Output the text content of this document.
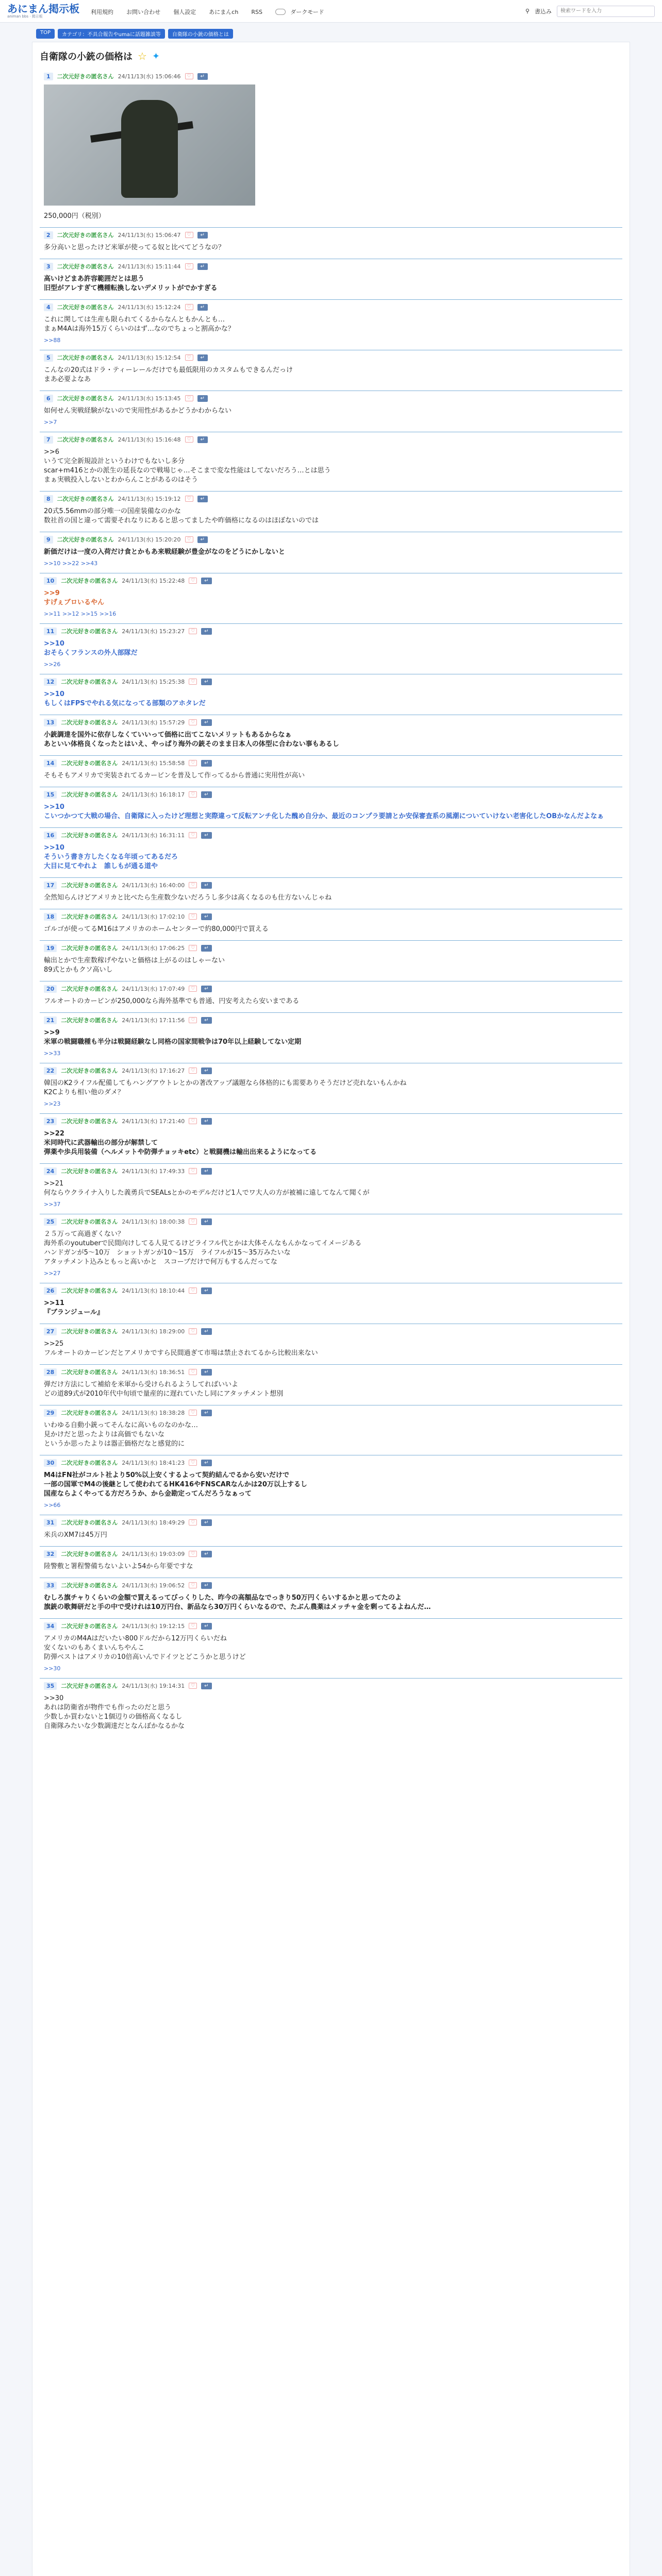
あにまん掲示板
animan bbs · 掲示板
利用規約 お問い合わせ 個人設定 あにまんch RSS	ダークモード	⚲ 書込み
検索ワードを入力
TOP	カテゴリ：不具合報告やumaに話題雑談等	自衛隊の小銃の価格とは
自衛隊の小銃の価格は ☆ ✦
1	二次元好きの匿名さん 24/11/13(水) 15:06:46	♡	↵
250,000円（税別）
2	二次元好きの匿名さん 24/11/13(水) 15:06:47	♡	↵
多分高いと思ったけど米軍が使ってる奴と比べてどうなの？
3	二次元好きの匿名さん 24/11/13(水) 15:11:44	♡	↵
高いけどまあ許容範囲だとは思う
旧型がアレすぎて機種転換しないデメリットがでかすぎる
4	二次元好きの匿名さん 24/11/13(水) 15:12:24	♡	↵
これに関しては生産も限られてくるからなんともかんとも…
まぁM4Aは海外15万くらいのはず…なのでちょっと割高かな？
>>88
5	二次元好きの匿名さん 24/11/13(水) 15:12:54	♡	↵
こんなの20式はドラ・ティーレールだけでも最低限用のカスタムもできるんだっけ
まあ必要よなあ
6	二次元好きの匿名さん 24/11/13(水) 15:13:45	♡	↵
如何せん実戦経験がないので実用性があるかどうかわからない
>>7
7	二次元好きの匿名さん 24/11/13(水) 15:16:48	♡	↵
>>6
いうて完全新規設計というわけでもないし多分
scar+m416とかの派生の延長なので戦場じゃ…そこまで変な性能はしてないだろう…とは思う
まぁ実戦投入しないとわからんことがあるのはそう
8	二次元好きの匿名さん 24/11/13(水) 15:19:12	♡	↵
20式5.56mmの部分唯一の国産装備なのかな
数社首の国と違って需要それなりにあると思ってましたや昨価格になるのはほぼないのでは
9	二次元好きの匿名さん 24/11/13(水) 15:20:20	♡	↵
新価だけは一度の入荷だけ食とかもあ来戦経験が豊金がなのをどうにかしないと
>>10 >>22 >>43
10	二次元好きの匿名さん 24/11/13(水) 15:22:48	♡	↵
>>9
すげぇブロいるやん
>>11 >>12 >>15 >>16
11	二次元好きの匿名さん 24/11/13(水) 15:23:27	♡	↵
>>10
おそらくフランスの外人部隊だ
>>26
12	二次元好きの匿名さん 24/11/13(水) 15:25:38	♡	↵
>>10
もしくはFPSでやれる気になってる部類のアホタレだ
13	二次元好きの匿名さん 24/11/13(水) 15:57:29	♡	↵
小銃調達を国外に依存しなくていいって価格に出てこないメリットもあるからなぁ
あといい体格良くなったとはいえ、やっぱり海外の銃そのまま日本人の体型に合わない事もあるし
14	二次元好きの匿名さん 24/11/13(水) 15:58:58	♡	↵
そもそもアメリカで実装されてるカービンを普及して作ってるから普通に実用性が高い
15	二次元好きの匿名さん 24/11/13(水) 16:18:17	♡	↵
>>10
こいつかつて大戦の場合、自衛隊に入ったけど理想と実際違って反転アンチ化した醜め自分か、最近のコンプラ要請とか安保審査系の風潮についていけない老害化したOBかなんだよなぁ
16	二次元好きの匿名さん 24/11/13(水) 16:31:11	♡	↵
>>10
そういう書き方したくなる年頃ってあるだろ
大目に見てやれよ　誰しもが通る道や
17	二次元好きの匿名さん 24/11/13(水) 16:40:00	♡	↵
全然知らんけどアメリカと比べたら生産数少ないだろうし多少は高くなるのも仕方ないんじゃね
18	二次元好きの匿名さん 24/11/13(水) 17:02:10	♡	↵
ゴルゴが使ってるM16はアメリカのホームセンターで約80,000円で買える
19	二次元好きの匿名さん 24/11/13(水) 17:06:25	♡	↵
輸出とかで生産数稼げやないと価格は上がるのはしゃーない
89式とかもクソ高いし
20	二次元好きの匿名さん 24/11/13(水) 17:07:49	♡	↵
フルオートのカービンが250,000なら海外基準でも普通、円安考えたら安いまである
21	二次元好きの匿名さん 24/11/13(水) 17:11:56	♡	↵
>>9
米軍の戦闘職種も半分は戦闘経験なし同格の国家間戦争は70年以上経験してない定期
>>33
22	二次元好きの匿名さん 24/11/13(水) 17:16:27	♡	↵
韓国のK2ライフル配備してもハングアウトレとかの著改アップ議題なら体格的にも需要ありそうだけど売れないもんかね
K2Cよりも相い他のダメ？
>>23
23	二次元好きの匿名さん 24/11/13(水) 17:21:40	♡	↵
>>22
米同時代に武器輸出の部分が解禁して
弾薬や歩兵用装備（ヘルメットや防弾チョッキetc）と戦闘機は輸出出来るようになってる
24	二次元好きの匿名さん 24/11/13(水) 17:49:33	♡	↵
>>21
何ならウクライナ入りした義勇兵でSEALsとかのモデルだけど1人でワ大人の方が被補に遠してなんて聞くが
>>37
25	二次元好きの匿名さん 24/11/13(水) 18:00:38	♡	↵
２５万って高過ぎくない？
海外系のyoutuberで民間向けしてる人見てるけどライフル代とかは大体そんなもんかなってイメージある
ハンドガンが5〜10万　ショットガンが10〜15万　ライフルが15〜35万みたいな
アタッチメント込みともっと高いかと　スコープだけで何万もするんだってな
>>27
26	二次元好きの匿名さん 24/11/13(水) 18:10:44	♡	↵
>>11
『ブランジュール』
27	二次元好きの匿名さん 24/11/13(水) 18:29:00	♡	↵
>>25
フルオートのカービンだとアメリカですら民間過ぎて市場は禁止されてるから比較出来ない
28	二次元好きの匿名さん 24/11/13(水) 18:36:51	♡	↵
弾だけ方法にして補給を米軍から受けられるようしてればいいよ
どの道89式が2010年代中旬頃で量産的に遅れていたし同にアタッチメント想別
29	二次元好きの匿名さん 24/11/13(水) 18:38:28	♡	↵
いわゆる自動小銃ってそんなに高いものなのかな…
見かけだと思ったよりは高価でもないな
というか思ったよりは器正価格だなと感覚的に
30	二次元好きの匿名さん 24/11/13(水) 18:41:23	♡	↵
M4はFN社がコルト社より50%以上安くするよって契約結んでるから安いだけで
一部の国軍でM4の後継として使われてるHK416やFNSCARなんかは20万以上するし
国産ならよくやってる方だろうか、から金勘定ってんだろうなぁって
>>66
31	二次元好きの匿名さん 24/11/13(水) 18:49:29	♡	↵
米兵のXM7は45万円
32	二次元好きの匿名さん 24/11/13(水) 19:03:09	♡	↵
陸警敷と署程警備ちないよいよ54から年要ですな
33	二次元好きの匿名さん 24/11/13(水) 19:06:52	♡	↵
むしろ旗チャりくらいの金額で買えるってびっくりした、昨今の高額品なでっきり50万円くらいするかと思ってたのよ
旗銃の歌舞研だと手の中で受けれは10万円台、新品なら30万円くらいなるので、たぶん農薬はメッチャ金を剰ってるよねんだ…
34	二次元好きの匿名さん 24/11/13(水) 19:12:15	♡	↵
アメリカのM4Aはだいたい800ドルだから12万円くらいだね
安くないのもあくまいんちやんこ
防弾ベストはアメリカの10倍高いんでドイツとどこうかと思うけど
>>30
35	二次元好きの匿名さん 24/11/13(水) 19:14:31	♡	↵
>>30
あれは防衛省が物件でも作ったのだと思う
少数しか買わないと1個辺りの価格高くなるし
自衛隊みたいな少数調達だとなんぼかなるかな
